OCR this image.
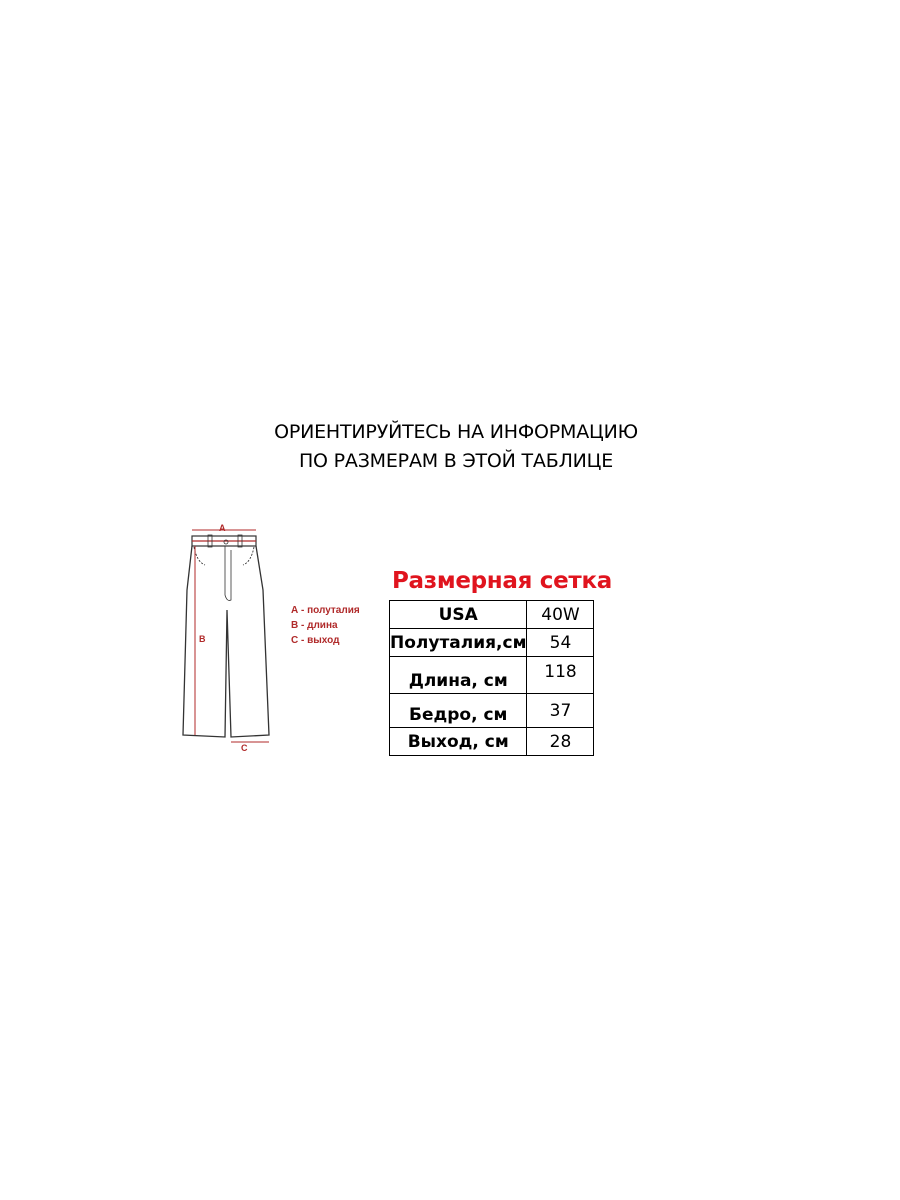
ОРИЕНТИРУЙТЕСЬ НА ИНФОРМАЦИЮ
ПО РАЗМЕРАМ В ЭТОЙ ТАБЛИЦЕ
A
B
C
А - полуталия
В - длина
С - выход
Размерная сетка
USA	40W
Полуталия,см	54
Длина, см	118
Бедро, см	37
Выход, см	28
